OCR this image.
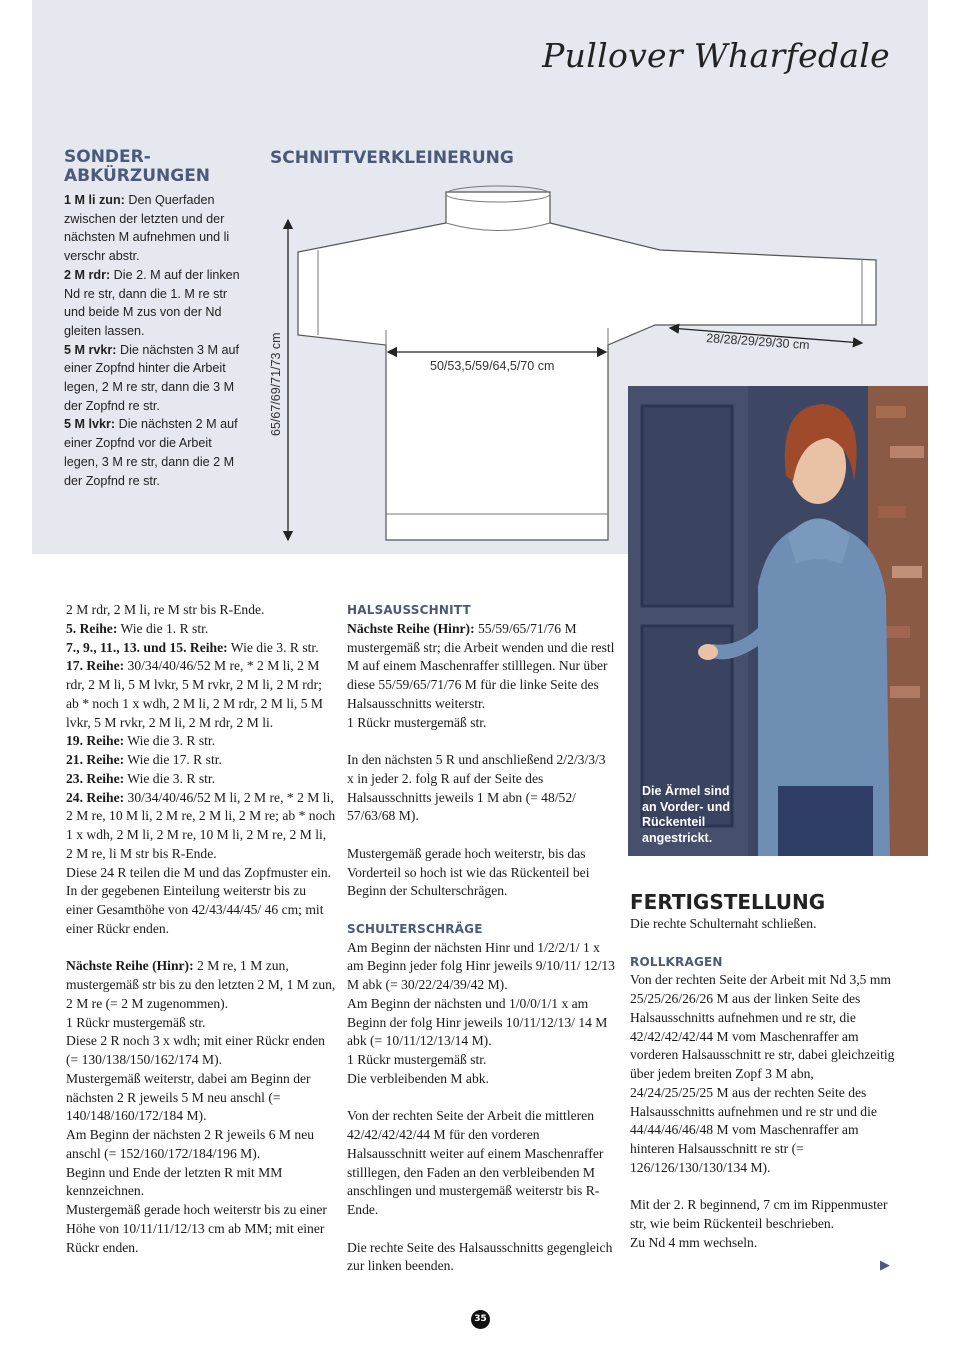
Pullover Wharfedale
SONDER-
ABKÜRZUNGEN

1 M li zun: Den Querfaden zwischen der letzten und der nächsten M aufnehmen und li verschr abstr.

2 M rdr: Die 2. M auf der linken Nd re str, dann die 1. M re str und beide M zus von der Nd gleiten lassen.

5 M rvkr: Die nächsten 3 M auf einer Zopfnd hinter die Arbeit legen, 2 M re str, dann die 3 M der Zopfnd re str.

5 M lvkr: Die nächsten 2 M auf einer Zopfnd vor die Arbeit legen, 3 M re str, dann die 2 M der Zopfnd re str.

SCHNITTVERKLEINERUNG
65/67/69/71/73 cm	50/53,5/59/64,5/70 cm
28/28/29/29/30 cm
Die Ärmel sind
an Vorder- und
Rückenteil
angestrickt.

2 M rdr, 2 M li, re M str bis R-Ende.

5. Reihe: Wie die 1. R str.

7., 9., 11., 13. und 15. Reihe: Wie die 3. R str.

17. Reihe: 30/34/40/46/52 M re, * 2 M li, 2 M rdr, 2 M li, 5 M lvkr, 5 M rvkr, 2 M li, 2 M rdr; ab * noch 1 x wdh, 2 M li, 2 M rdr, 2 M li, 5 M lvkr, 5 M rvkr, 2 M li, 2 M rdr, 2 M li.

19. Reihe: Wie die 3. R str.

21. Reihe: Wie die 17. R str.

23. Reihe: Wie die 3. R str.

24. Reihe: 30/34/40/46/52 M li, 2 M re, * 2 M li, 2 M re, 10 M li, 2 M re, 2 M li, 2 M re; ab * noch 1 x wdh, 2 M li, 2 M re, 10 M li, 2 M re, 2 M li, 2 M re, li M str bis R-Ende.

Diese 24 R teilen die M und das Zopfmuster ein.

In der gegebenen Einteilung weiterstr bis zu einer Gesamthöhe von 42/43/44/45/ 46 cm; mit einer Rückr enden.

Nächste Reihe (Hinr): 2 M re, 1 M zun, mustergemäß str bis zu den letzten 2 M, 1 M zun, 2 M re (= 2 M zugenommen).

1 Rückr mustergemäß str.

Diese 2 R noch 3 x wdh; mit einer Rückr enden (= 130/138/150/162/174 M).

Mustergemäß weiterstr, dabei am Beginn der nächsten 2 R jeweils 5 M neu anschl (= 140/148/160/172/184 M).

Am Beginn der nächsten 2 R jeweils 6 M neu anschl (= 152/160/172/184/196 M).

Beginn und Ende der letzten R mit MM kennzeichnen.

Mustergemäß gerade hoch weiterstr bis zu einer Höhe von 10/11/11/12/13 cm ab MM; mit einer Rückr enden.

HALSAUSSCHNITT

Nächste Reihe (Hinr): 55/59/65/71/76 M mustergemäß str; die Arbeit wenden und die restl M auf einem Maschenraffer stilllegen. Nur über diese 55/59/65/71/76 M für die linke Seite des Halsausschnitts weiterstr.

1 Rückr mustergemäß str.

In den nächsten 5 R und anschließend 2/2/3/3/3 x in jeder 2. folg R auf der Seite des Halsausschnitts jeweils 1 M abn (= 48/52/ 57/63/68 M).

Mustergemäß gerade hoch weiterstr, bis das Vorderteil so hoch ist wie das Rückenteil bei Beginn der Schulterschrägen.

SCHULTERSCHRÄGE

Am Beginn der nächsten Hinr und 1/2/2/1/ 1 x am Beginn jeder folg Hinr jeweils 9/10/11/ 12/13 M abk (= 30/22/24/39/42 M).

Am Beginn der nächsten und 1/0/0/1/1 x am Beginn der folg Hinr jeweils 10/11/12/13/ 14 M abk (= 10/11/12/13/14 M).

1 Rückr mustergemäß str.

Die verbleibenden M abk.

Von der rechten Seite der Arbeit die mittleren 42/42/42/42/44 M für den vorderen Halsausschnitt weiter auf einem Maschenraffer stilllegen, den Faden an den verbleibenden M anschlingen und mustergemäß weiterstr bis R-Ende.

Die rechte Seite des Halsausschnitts gegengleich zur linken beenden.

FERTIGSTELLUNG

Die rechte Schulternaht schließen.

ROLLKRAGEN

Von der rechten Seite der Arbeit mit Nd 3,5 mm 25/25/26/26/26 M aus der linken Seite des Halsausschnitts aufnehmen und re str, die 42/42/42/42/44 M vom Maschenraffer am vorderen Halsausschnitt re str, dabei gleichzeitig über jedem breiten Zopf 3 M abn, 24/24/25/25/25 M aus der rechten Seite des Halsausschnitts aufnehmen und re str und die 44/44/46/46/48 M vom Maschenraffer am hinteren Halsausschnitt re str (= 126/126/130/130/134 M).

Mit der 2. R beginnend, 7 cm im Rippenmuster str, wie beim Rückenteil beschrieben.

Zu Nd 4 mm wechseln.

▶
35
